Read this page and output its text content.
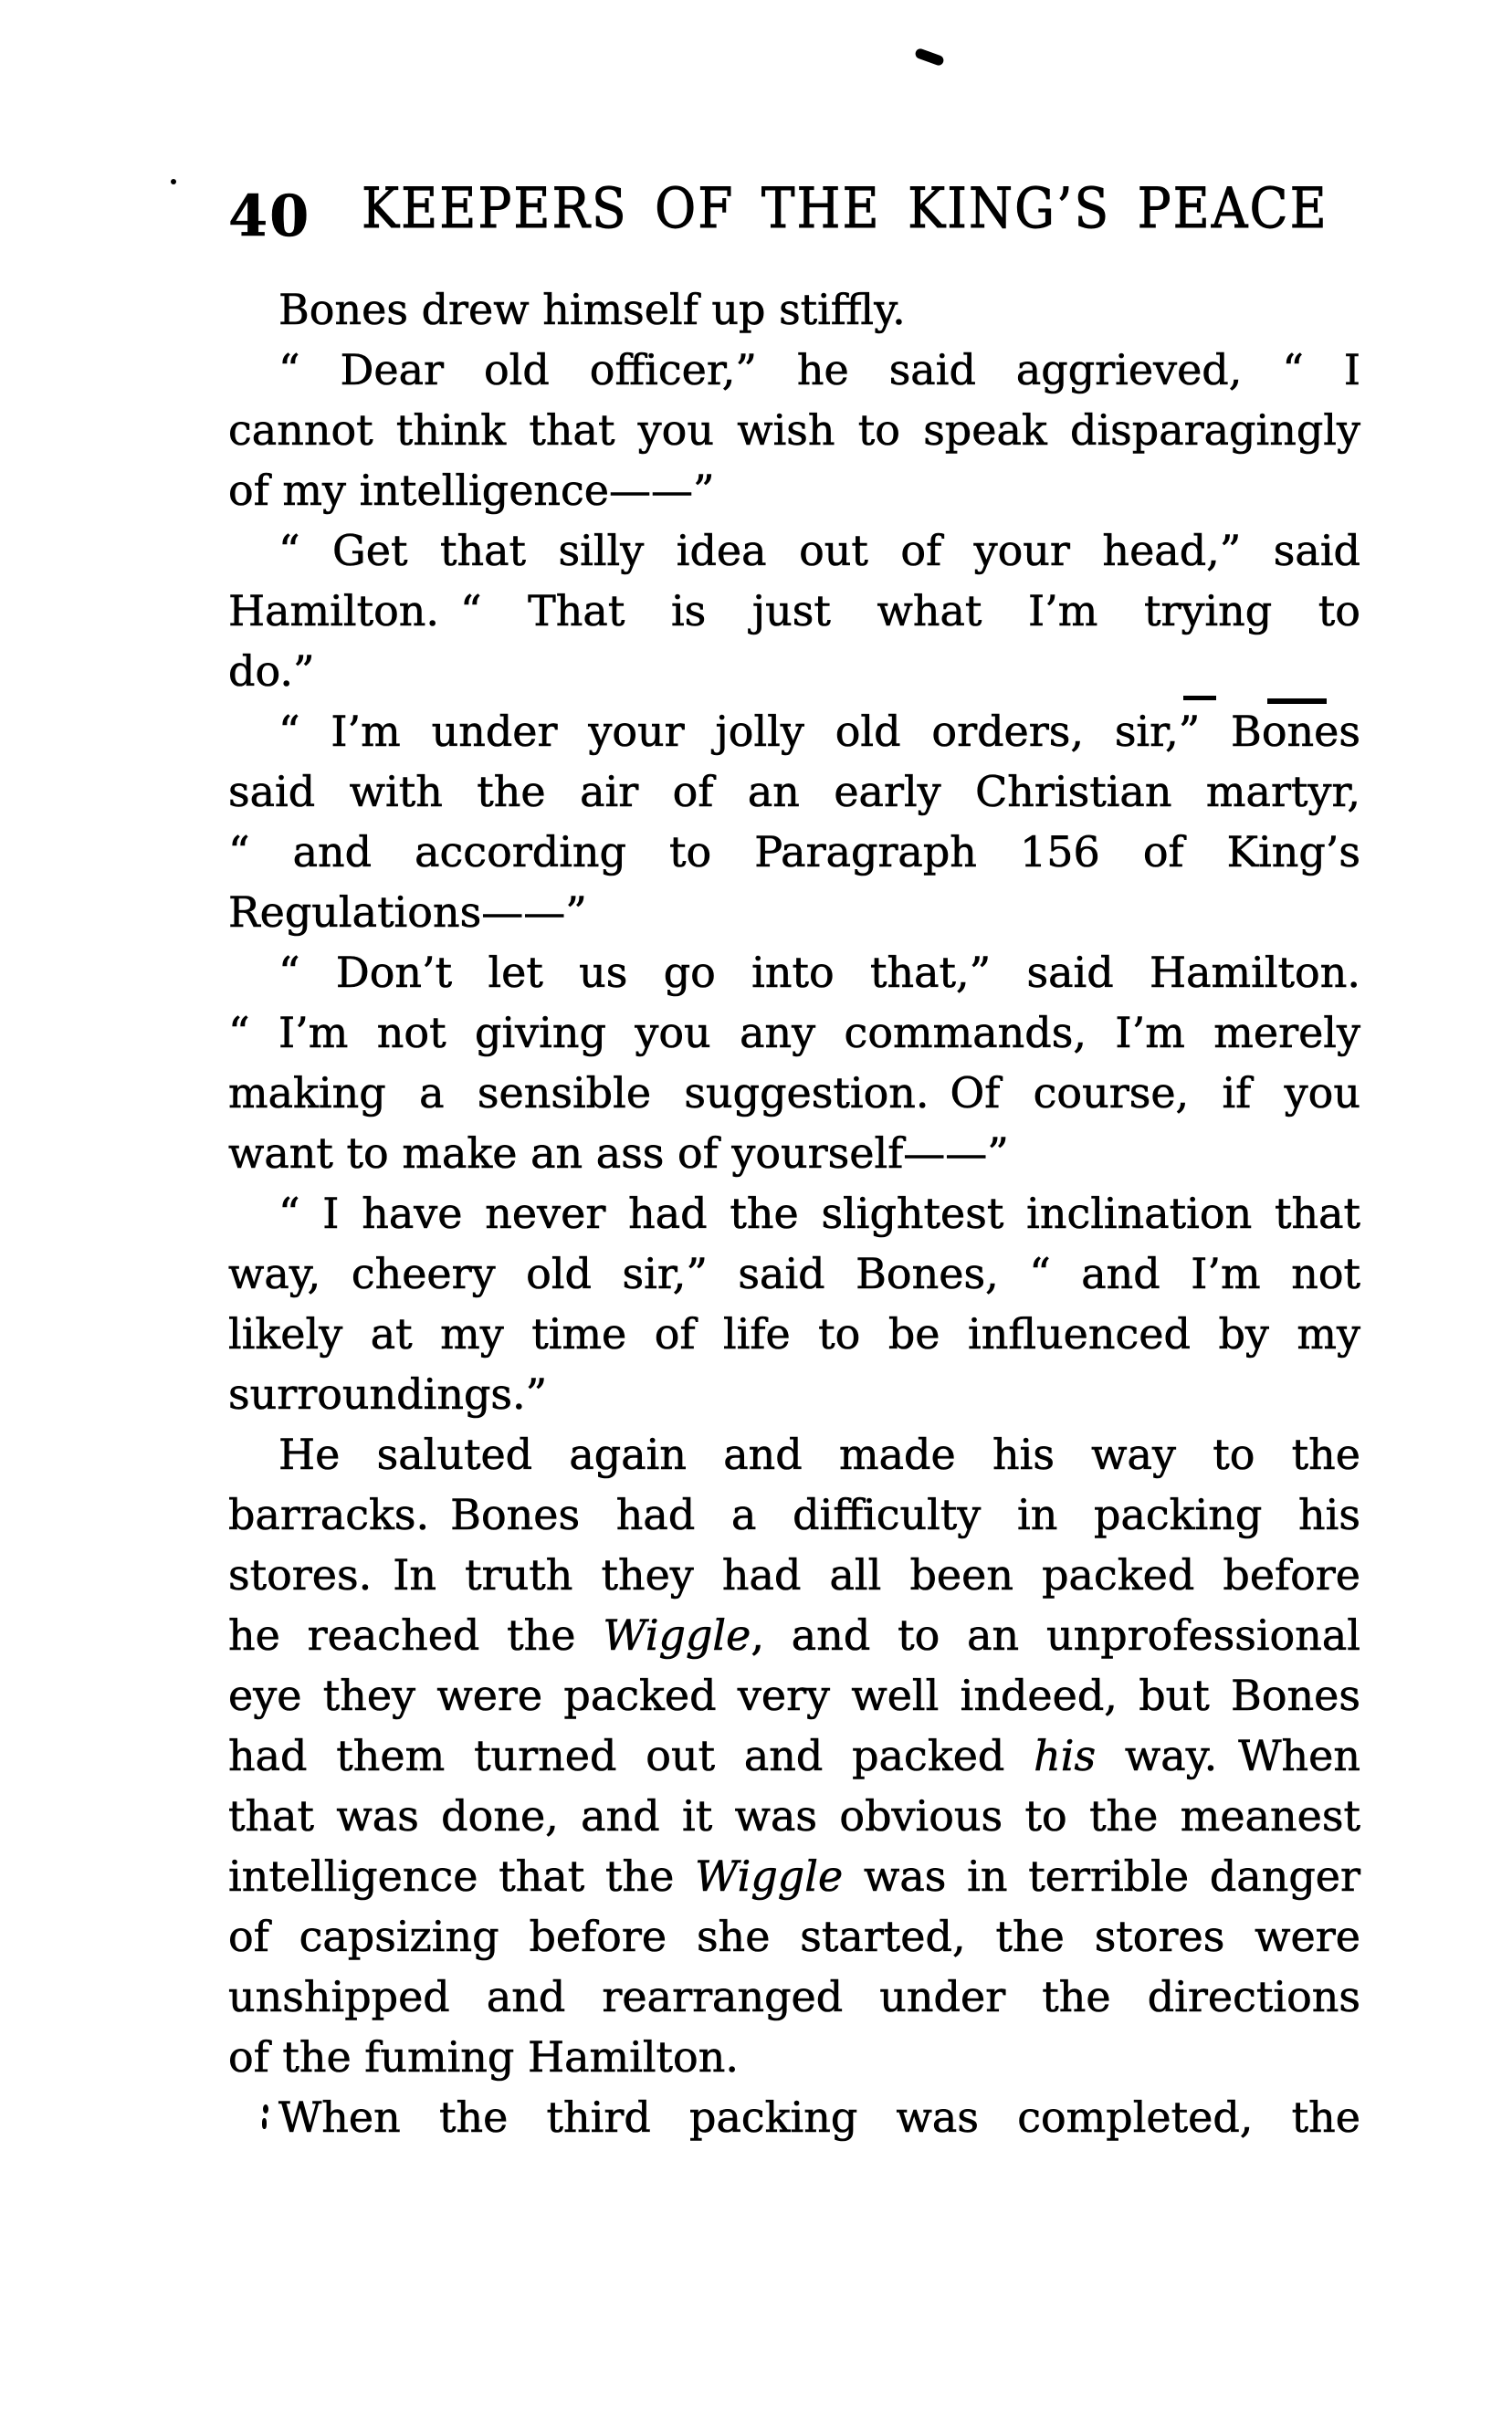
40 KEEPERS OF THE KING’S PEACE
Bones drew himself up stiffly.
“ Dear old officer,” he said aggrieved, “ I
cannot think that you wish to speak disparagingly
of my intelligence——”
“ Get that silly idea out of your head,” said
Hamilton. “ That is just what I’m trying to
do.”
“ I’m under your jolly old orders, sir,” Bones
said with the air of an early Christian martyr,
“ and according to Paragraph 156 of King’s
Regulations——”
“ Don’t let us go into that,” said Hamilton.
“ I’m not giving you any commands, I’m merely
making a sensible suggestion. Of course, if you
want to make an ass of yourself——”
“ I have never had the slightest inclination that
way, cheery old sir,” said Bones, “ and I’m not
likely at my time of life to be influenced by my
surroundings.”
He saluted again and made his way to the
barracks. Bones had a difficulty in packing his
stores. In truth they had all been packed before
he reached the Wiggle, and to an unprofessional
eye they were packed very well indeed, but Bones
had them turned out and packed his way. When
that was done, and it was obvious to the meanest
intelligence that the Wiggle was in terrible danger
of capsizing before she started, the stores were
unshipped and rearranged under the directions
of the fuming Hamilton.
When the third packing was completed, the
